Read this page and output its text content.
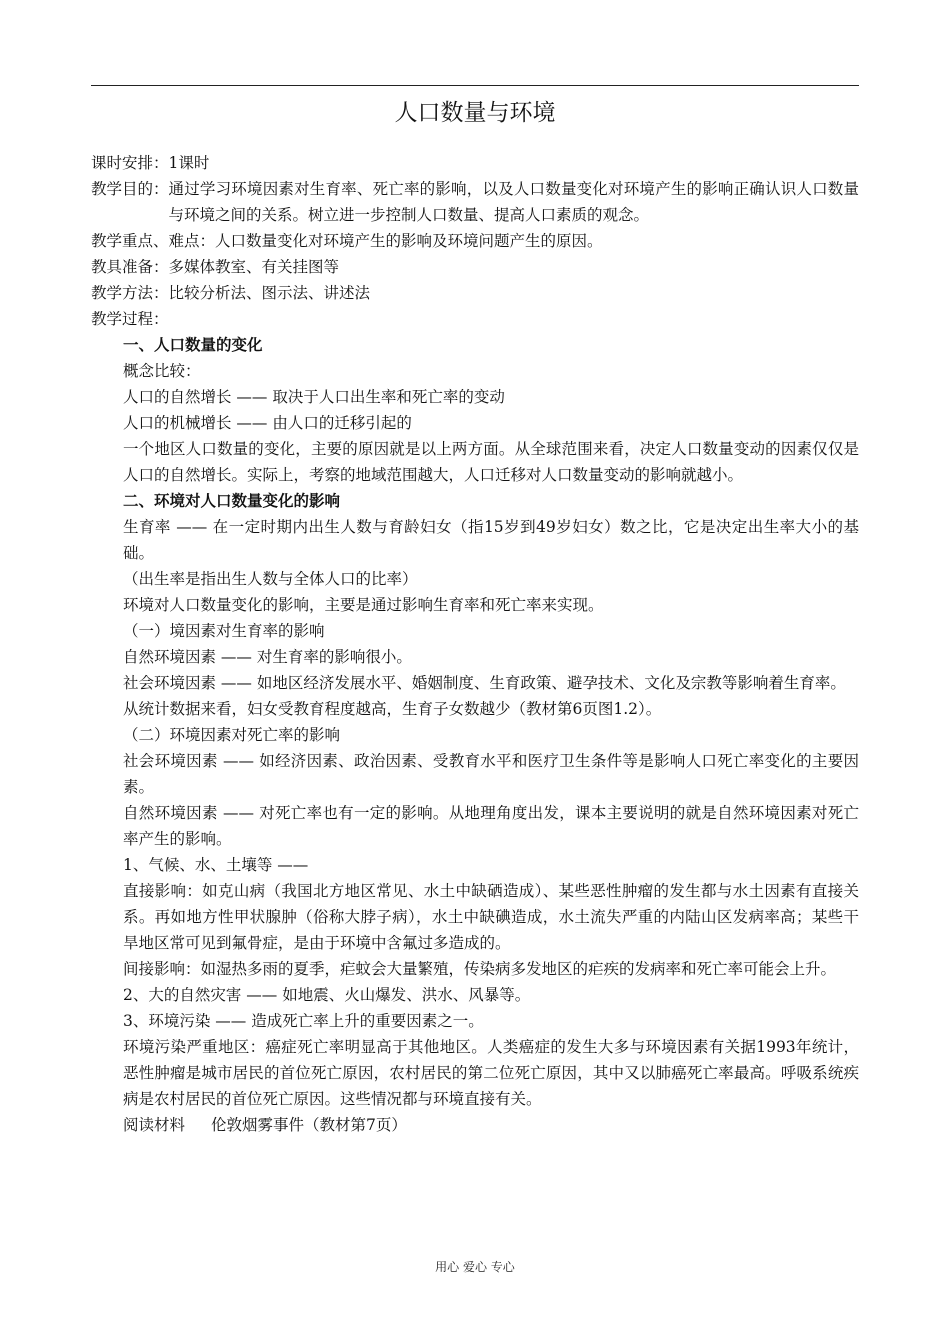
人口数量与环境
课时安排：1课时
教学目的： 通过学习环境因素对生育率、死亡率的影响，以及人口数量变化对环境产生的影响正确认识人口数量与环境之间的关系。树立进一步控制人口数量、提高人口素质的观念。
教学重点、难点：人口数量变化对环境产生的影响及环境问题产生的原因。
教具准备：多媒体教室、有关挂图等
教学方法：比较分析法、图示法、讲述法
教学过程：
一、人口数量的变化
概念比较：
人口的自然增长 —— 取决于人口出生率和死亡率的变动
人口的机械增长 —— 由人口的迁移引起的
一个地区人口数量的变化，主要的原因就是以上两方面。从全球范围来看，决定人口数量变动的因素仅仅是人口的自然增长。实际上，考察的地域范围越大，人口迁移对人口数量变动的影响就越小。
二、环境对人口数量变化的影响
生育率 —— 在一定时期内出生人数与育龄妇女（指15岁到49岁妇女）数之比，它是决定出生率大小的基础。
（出生率是指出生人数与全体人口的比率）
环境对人口数量变化的影响，主要是通过影响生育率和死亡率来实现。
（一）境因素对生育率的影响
自然环境因素 —— 对生育率的影响很小。
社会环境因素 —— 如地区经济发展水平、婚姻制度、生育政策、避孕技术、文化及宗教等影响着生育率。
从统计数据来看，妇女受教育程度越高，生育子女数越少（教材第6页图1.2）。
（二）环境因素对死亡率的影响
社会环境因素 —— 如经济因素、政治因素、受教育水平和医疗卫生条件等是影响人口死亡率变化的主要因素。
自然环境因素 —— 对死亡率也有一定的影响。从地理角度出发，课本主要说明的就是自然环境因素对死亡率产生的影响。
1、气候、水、土壤等 ——
直接影响：如克山病（我国北方地区常见、水土中缺硒造成）、某些恶性肿瘤的发生都与水土因素有直接关系。再如地方性甲状腺肿（俗称大脖子病），水土中缺碘造成，水土流失严重的内陆山区发病率高；某些干旱地区常可见到氟骨症，是由于环境中含氟过多造成的。
间接影响：如湿热多雨的夏季，疟蚊会大量繁殖，传染病多发地区的疟疾的发病率和死亡率可能会上升。
2、大的自然灾害 —— 如地震、火山爆发、洪水、风暴等。
3、环境污染 —— 造成死亡率上升的重要因素之一。
环境污染严重地区：癌症死亡率明显高于其他地区。人类癌症的发生大多与环境因素有关据1993年统计，恶性肿瘤是城市居民的首位死亡原因，农村居民的第二位死亡原因，其中又以肺癌死亡率最高。呼吸系统疾病是农村居民的首位死亡原因。这些情况都与环境直接有关。
阅读材料 伦敦烟雾事件（教材第7页）
用心 爱心 专心
